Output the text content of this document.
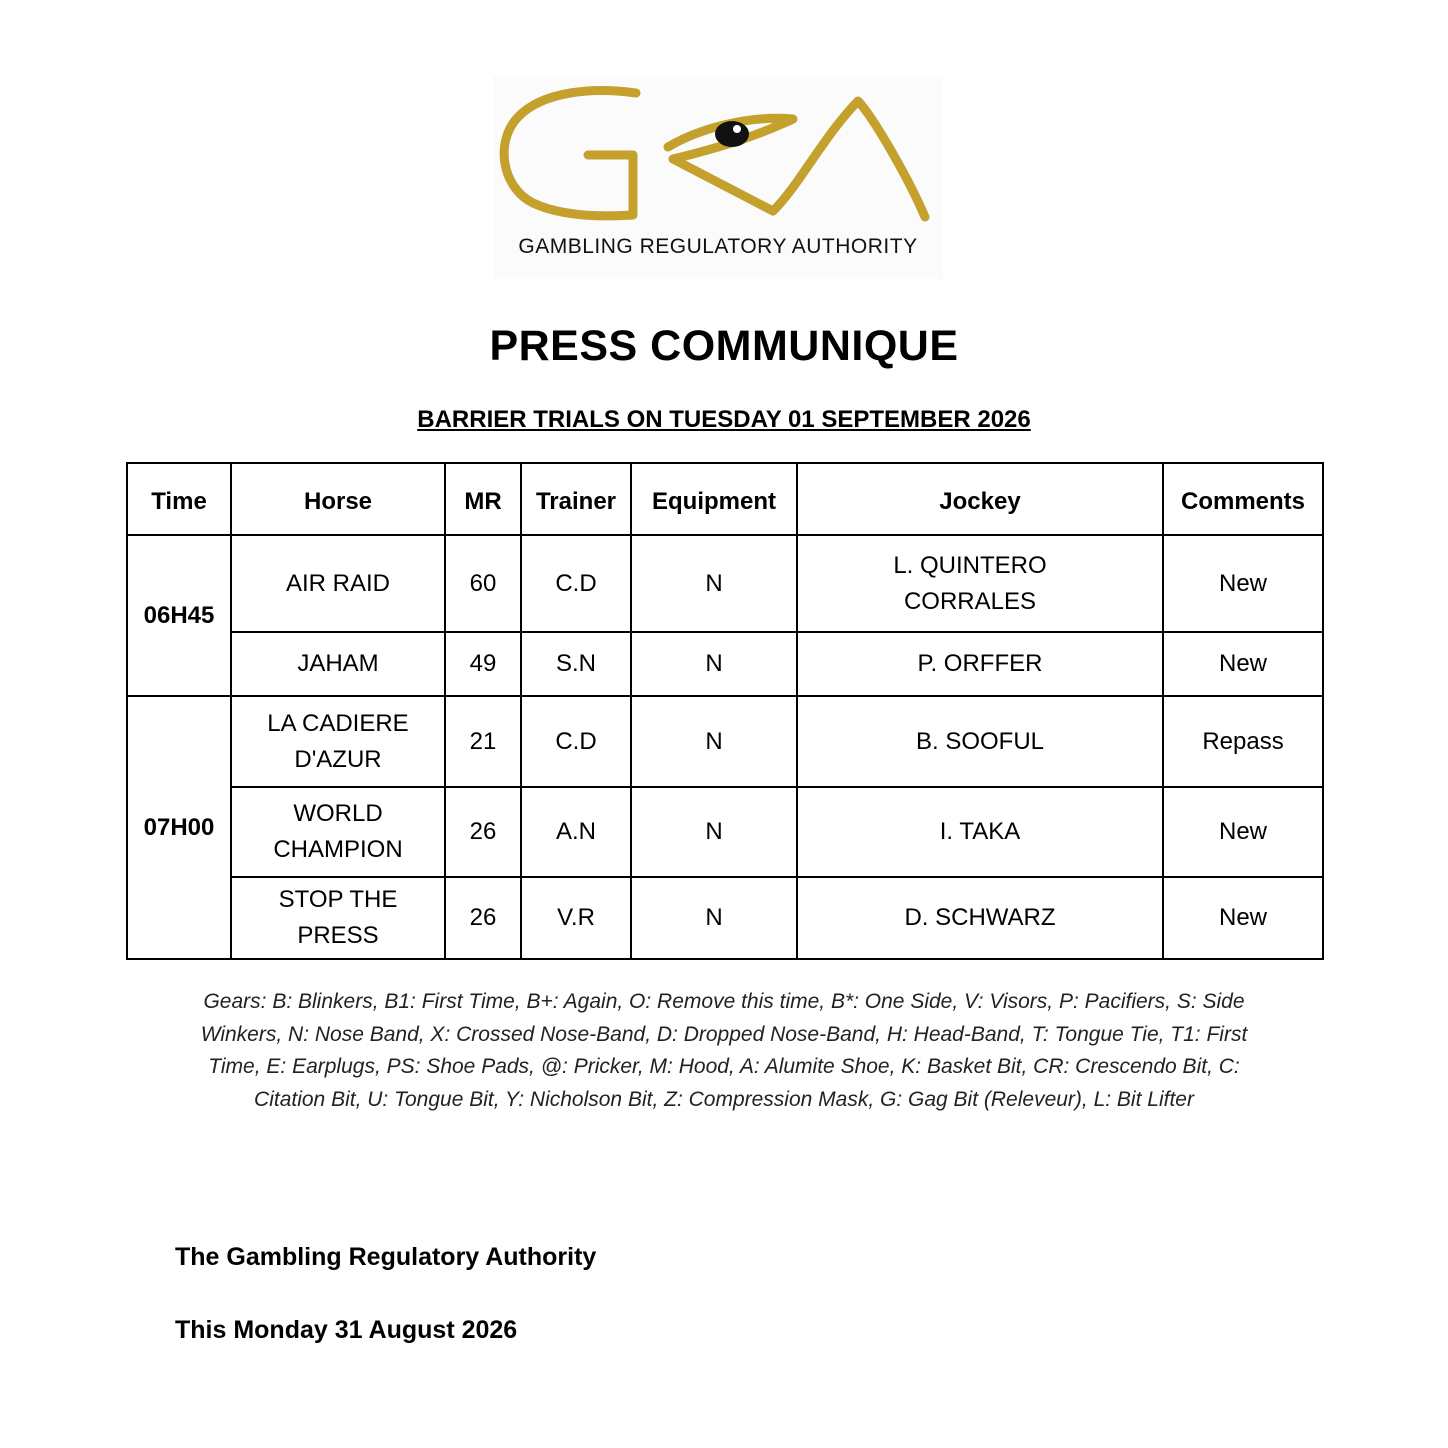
GAMBLING REGULATORY AUTHORITY
PRESS COMMUNIQUE
BARRIER TRIALS ON TUESDAY 01 SEPTEMBER 2026
Time	Horse	MR	Trainer	Equipment	Jockey	Comments
06H45	AIR RAID	60	C.D	N	L. QUINTERO CORRALES	New
	JAHAM	49	S.N	N	P. ORFFER	New
07H00	LA CADIERE D'AZUR	21	C.D	N	B. SOOFUL	Repass
	WORLD CHAMPION	26	A.N	N	I. TAKA	New
	STOP THE PRESS	26	V.R	N	D. SCHWARZ	New
Gears: B: Blinkers, B1: First Time, B+: Again, O: Remove this time, B*: One Side, V: Visors, P: Pacifiers, S: Side Winkers, N: Nose Band, X: Crossed Nose-Band, D: Dropped Nose-Band, H: Head-Band, T: Tongue Tie, T1: First Time, E: Earplugs, PS: Shoe Pads, @: Pricker, M: Hood, A: Alumite Shoe, K: Basket Bit, CR: Crescendo Bit, C: Citation Bit, U: Tongue Bit, Y: Nicholson Bit, Z: Compression Mask, G: Gag Bit (Releveur), L: Bit Lifter
The Gambling Regulatory Authority
This Monday 31 August 2026
